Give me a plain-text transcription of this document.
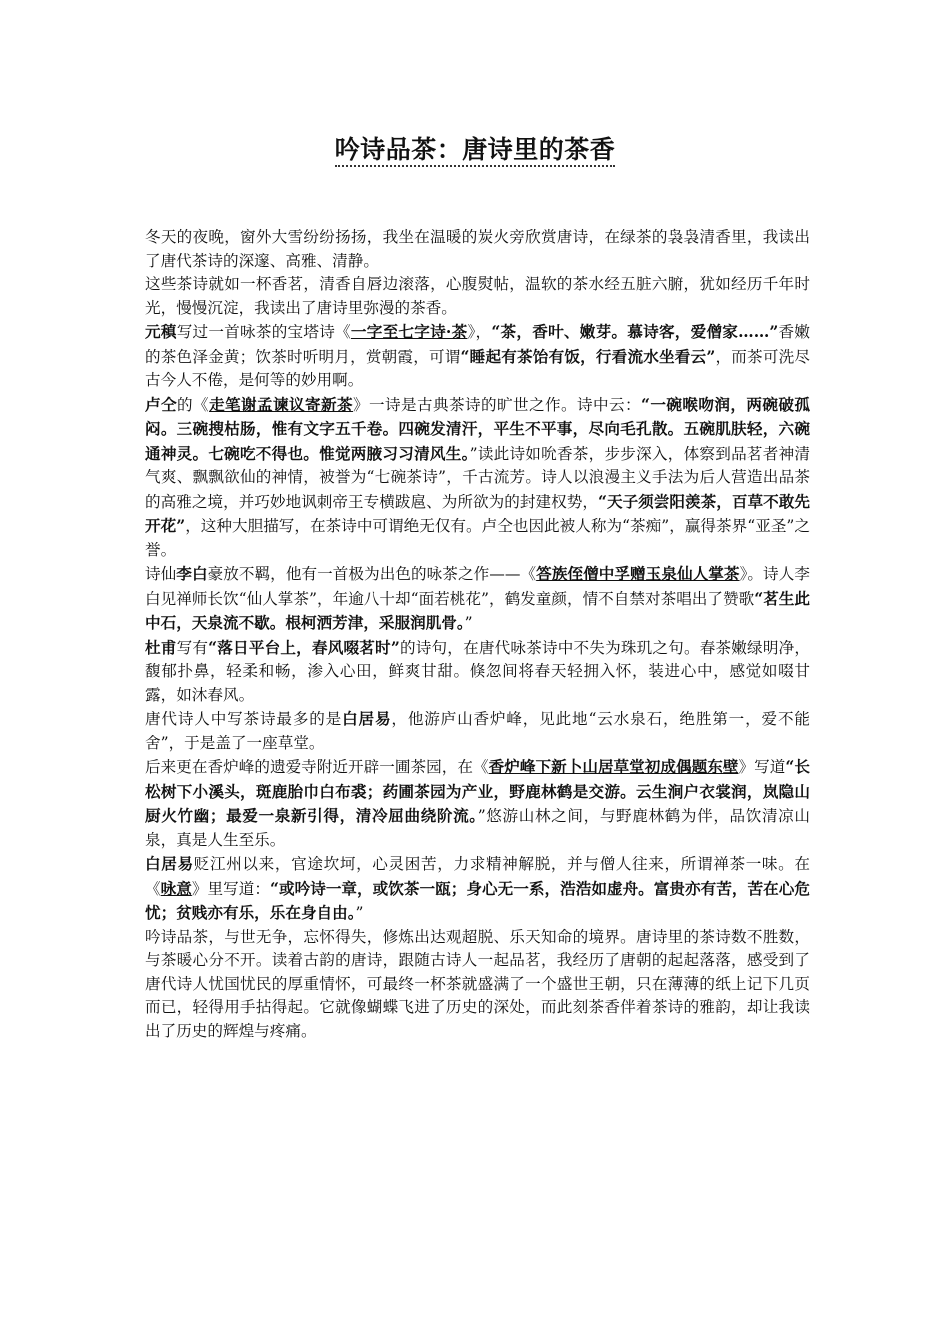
吟诗品茶：唐诗里的茶香

冬天的夜晚，窗外大雪纷纷扬扬，我坐在温暖的炭火旁欣赏唐诗，在绿茶的袅袅清香里，我读出了唐代茶诗的深邃、高雅、清静。

这些茶诗就如一杯香茗，清香自唇边滚落，心腹熨帖，温软的茶水经五脏六腑，犹如经历千年时光，慢慢沉淀，我读出了唐诗里弥漫的茶香。

元稹写过一首咏茶的宝塔诗《一字至七字诗·茶》，“茶，香叶、嫩芽。慕诗客，爱僧家……”香嫩的茶色泽金黄；饮茶时听明月，赏朝霞，可谓“睡起有茶饴有饭，行看流水坐看云”，而茶可洗尽古今人不倦，是何等的妙用啊。

卢仝的《走笔谢孟谏议寄新茶》一诗是古典茶诗的旷世之作。诗中云：“一碗喉吻润，两碗破孤闷。三碗搜枯肠，惟有文字五千卷。四碗发清汗，平生不平事，尽向毛孔散。五碗肌肤轻，六碗通神灵。七碗吃不得也。惟觉两腋习习清风生。”读此诗如吮香茶，步步深入，体察到品茗者神清气爽、飘飘欲仙的神情，被誉为“七碗茶诗”，千古流芳。诗人以浪漫主义手法为后人营造出品茶的高雅之境，并巧妙地讽刺帝王专横跋扈、为所欲为的封建权势，“天子须尝阳羡茶，百草不敢先开花”，这种大胆描写，在茶诗中可谓绝无仅有。卢仝也因此被人称为“茶痴”，赢得茶界“亚圣”之誉。

诗仙李白豪放不羁，他有一首极为出色的咏茶之作——《答族侄僧中孚赠玉泉仙人掌茶》。诗人李白见禅师长饮“仙人掌茶”，年逾八十却“面若桃花”，鹤发童颜，情不自禁对茶唱出了赞歌“茗生此中石，天泉流不歇。根柯洒芳津，采服润肌骨。”

杜甫写有“落日平台上，春风啜茗时”的诗句，在唐代咏茶诗中不失为珠玑之句。春茶嫩绿明净，馥郁扑鼻，轻柔和畅，渗入心田，鲜爽甘甜。倏忽间将春天轻拥入怀，装进心中，感觉如啜甘露，如沐春风。

唐代诗人中写茶诗最多的是白居易，他游庐山香炉峰，见此地“云水泉石，绝胜第一，爱不能舍”，于是盖了一座草堂。

后来更在香炉峰的遗爱寺附近开辟一圃茶园，在《香炉峰下新卜山居草堂初成偶题东壁》写道“长松树下小溪头，斑鹿胎巾白布裘；药圃茶园为产业，野鹿林鹤是交游。云生涧户衣裳润，岚隐山厨火竹幽；最爱一泉新引得，清冷屈曲绕阶流。”悠游山林之间，与野鹿林鹤为伴，品饮清凉山泉，真是人生至乐。

白居易贬江州以来，官途坎坷，心灵困苦，力求精神解脱，并与僧人往来，所谓禅茶一味。在《咏意》里写道：“或吟诗一章，或饮茶一瓯；身心无一系，浩浩如虚舟。富贵亦有苦，苦在心危忧；贫贱亦有乐，乐在身自由。”

吟诗品茶，与世无争，忘怀得失，修炼出达观超脱、乐天知命的境界。唐诗里的茶诗数不胜数，与茶暖心分不开。读着古韵的唐诗，跟随古诗人一起品茗，我经历了唐朝的起起落落，感受到了唐代诗人忧国忧民的厚重情怀，可最终一杯茶就盛满了一个盛世王朝，只在薄薄的纸上记下几页而已，轻得用手拈得起。它就像蝴蝶飞进了历史的深处，而此刻茶香伴着茶诗的雅韵，却让我读出了历史的辉煌与疼痛。
